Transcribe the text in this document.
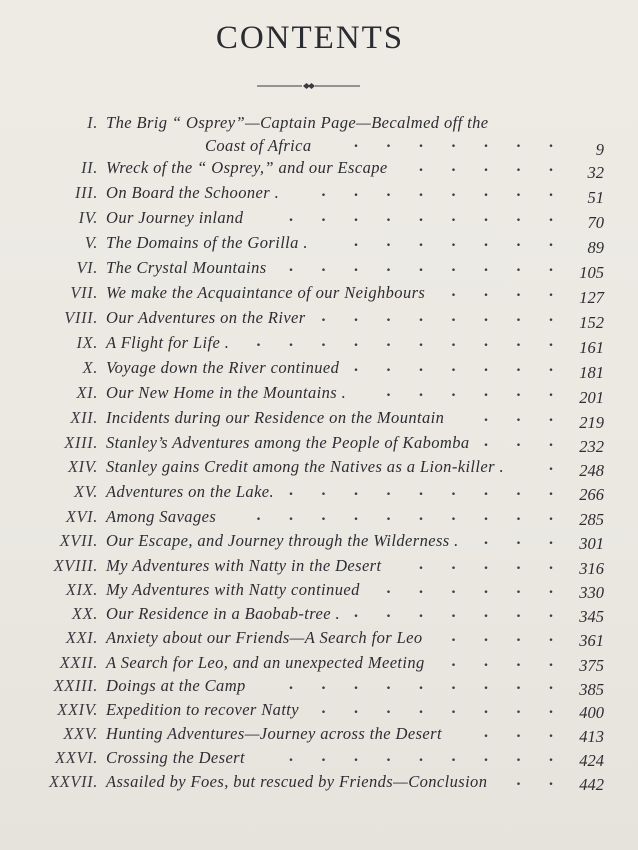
CONTENTS
I. The Brig “ Osprey”—Captain Page—Becalmed off the
Coast of Africa	. . . . . . .	9
II. Wreck of the “ Osprey,” and our Escape . . . . .	32
III. On Board the Schooner .	. . . . . . . .	51
IV. Our Journey inland	. . . . . . . . .	70
V. The Domains of the Gorilla .	. . . . . . .	89
VI. The Crystal Mountains . . . . . . . . .	105
VII. We make the Acquaintance of our Neighbours . . . .	127
VIII. Our Adventures on the River . . . . . . . .	152
IX. A Flight for Life . . . . . . . . . . .	161
X. Voyage down the River continued . . . . . . .	181
XI. Our New Home in the Mountains .	. . . . . .	201
XII. Incidents during our Residence on the Mountain . . .	219
XIII. Stanley’s Adventures among the People of Kabomba . . .	232
XIV. Stanley gains Credit among the Natives as a Lion-killer .	.	248
XV. Adventures on the Lake. . . . . . . . . .	266
XVI. Among Savages	. . . . . . . . . .	285
XVII. Our Escape, and Journey through the Wilderness . . . .	301
XVIII. My Adventures with Natty in the Desert . . . . .	316
XIX. My Adventures with Natty continued . . . . . .	330
XX. Our Residence in a Baobab-tree . . . . . . . .	345
XXI. Anxiety about our Friends—A Search for Leo . . . .	361
XXII. A Search for Leo, and an unexpected Meeting . . . .	375
XXIII. Doings at the Camp	. . . . . . . . .	385
XXIV. Expedition to recover Natty . . . . . . . .	400
XXV. Hunting Adventures—Journey across the Desert	. . .	413
XXVI. Crossing the Desert	. . . . . . . . .	424
XXVII. Assailed by Foes, but rescued by Friends—Conclusion . .	442
